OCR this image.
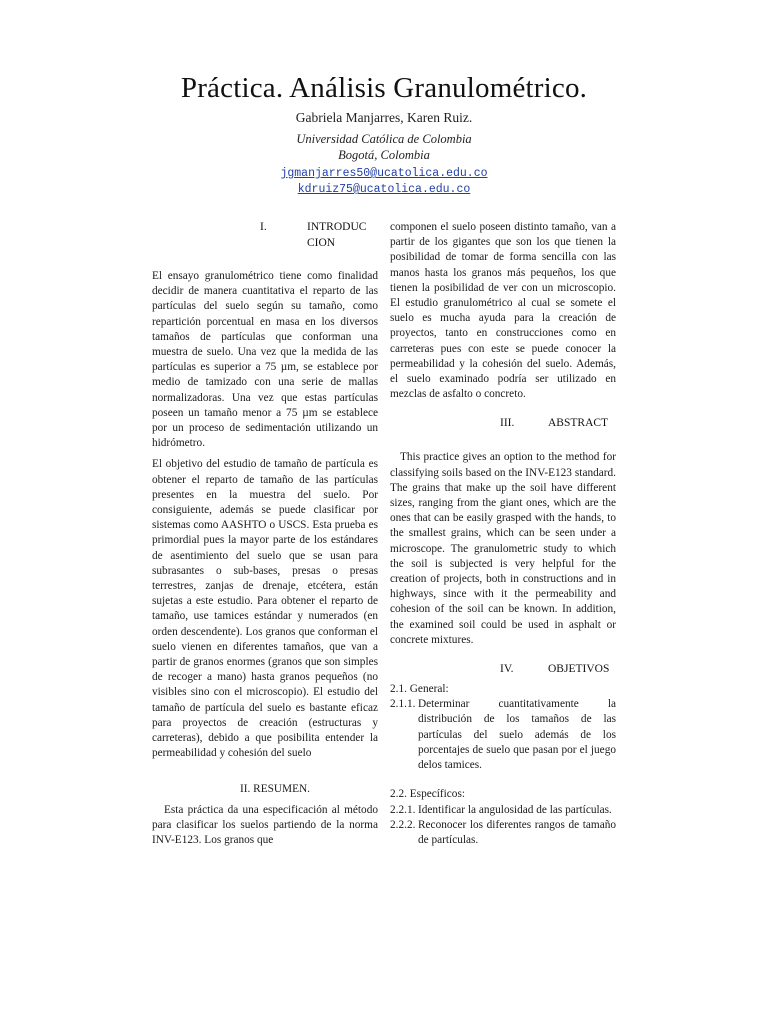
Práctica. Análisis Granulométrico.
Gabriela Manjarres, Karen Ruiz.
Universidad Católica de Colombia
Bogotá, Colombia
jgmanjarres50@ucatolica.edu.co
kdruiz75@ucatolica.edu.co
I.	INTRODUC
CION

El ensayo granulométrico tiene como finalidad decidir de manera cuantitativa el reparto de las partículas del suelo según su tamaño, como repartición porcentual en masa en los diversos tamaños de partículas que conforman una muestra de suelo. Una vez que la medida de las partículas es superior a 75 µm, se establece por medio de tamizado con una serie de mallas normalizadoras. Una vez que estas partículas poseen un tamaño menor a 75 µm se establece por un proceso de sedimentación utilizando un hidrómetro.

El objetivo del estudio de tamaño de partícula es obtener el reparto de tamaño de las partículas presentes en la muestra del suelo. Por consiguiente, además se puede clasificar por sistemas como AASHTO o USCS. Esta prueba es primordial pues la mayor parte de los estándares de asentimiento del suelo que se usan para subrasantes o sub-bases, presas o presas terrestres, zanjas de drenaje, etcétera, están sujetas a este estudio. Para obtener el reparto de tamaño, use tamices estándar y numerados (en orden descendente). Los granos que conforman el suelo vienen en diferentes tamaños, que van a partir de granos enormes (granos que son simples de recoger a mano) hasta granos pequeños (no visibles sino con el microscopio). El estudio del tamaño de partícula del suelo es bastante eficaz para proyectos de creación (estructuras y carreteras), debido a que posibilita entender la permeabilidad y cohesión del suelo

II. RESUMEN.

Esta práctica da una especificación al método para clasificar los suelos partiendo de la norma INV-E123. Los granos que

componen el suelo poseen distinto tamaño, van a partir de los gigantes que son los que tienen la posibilidad de tomar de forma sencilla con las manos hasta los granos más pequeños, los que tienen la posibilidad de ver con un microscopio. El estudio granulométrico al cual se somete el suelo es mucha ayuda para la creación de proyectos, tanto en construcciones como en carreteras pues con este se puede conocer la permeabilidad y la cohesión del suelo. Además, el suelo examinado podría ser utilizado en mezclas de asfalto o concreto.

III.	ABSTRACT

This practice gives an option to the method for classifying soils based on the INV-E123 standard. The grains that make up the soil have different sizes, ranging from the giant ones, which are the ones that can be easily grasped with the hands, to the smallest grains, which can be seen under a microscope. The granulometric study to which the soil is subjected is very helpful for the creation of projects, both in constructions and in highways, since with it the permeability and cohesion of the soil can be known. In addition, the examined soil could be used in asphalt or concrete mixtures.

IV.	OBJETIVOS
2.1. General:
2.1.1. Determinar cuantitativamente la distribución de los tamaños de las partículas del suelo además de los porcentajes de suelo que pasan por el juego delos tamices.
2.2. Específicos:
2.2.1. Identificar la angulosidad de las partículas.
2.2.2. Reconocer los diferentes rangos de tamaño de partículas.
